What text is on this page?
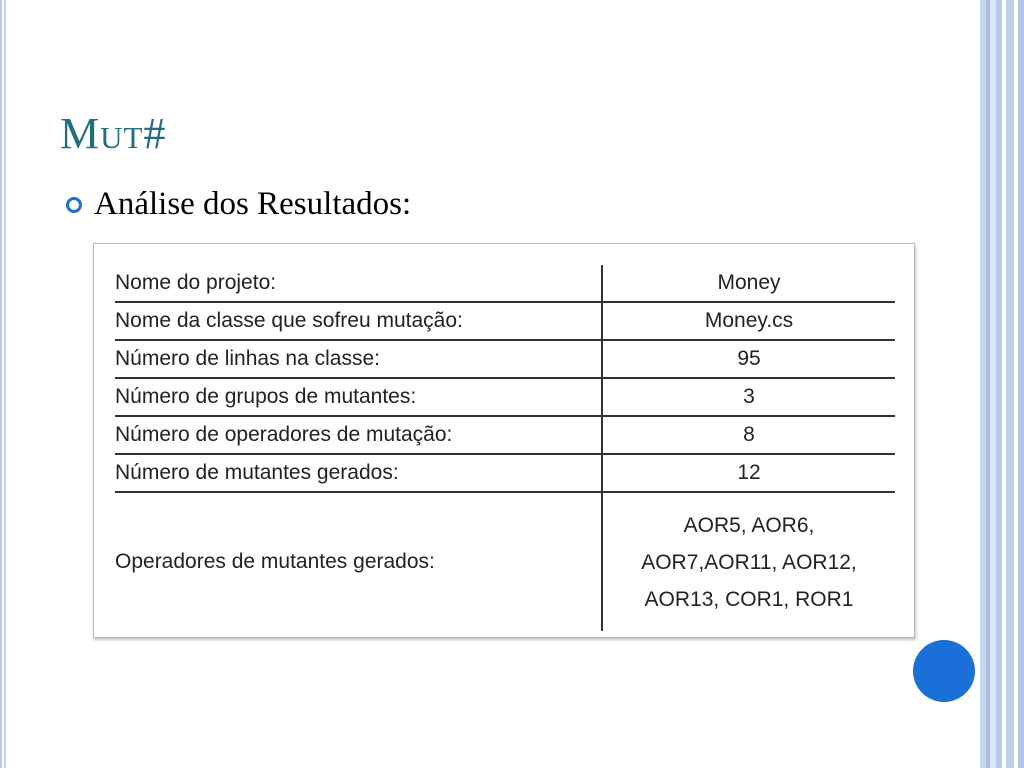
Mut#
Análise dos Resultados:
Nome do projeto:	Money
Nome da classe que sofreu mutação:	Money.cs
Número de linhas na classe:	95
Número de grupos de mutantes:	3
Número de operadores de mutação:	8
Número de mutantes gerados:	12
Operadores de mutantes gerados:	AOR5, AOR6,
AOR7,AOR11, AOR12,
AOR13, COR1, ROR1
